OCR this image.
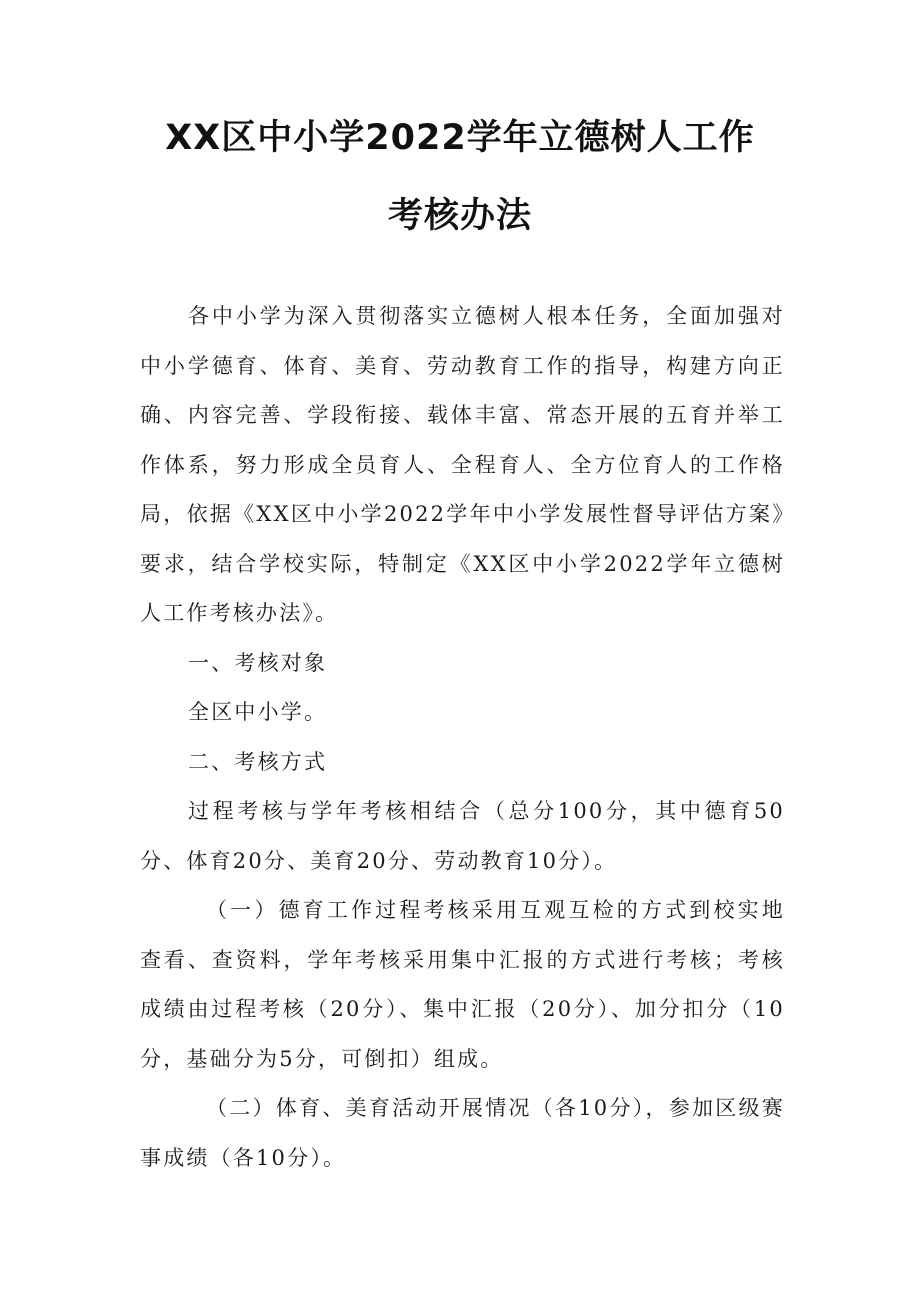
XX区中小学2022学年立德树人工作
考核办法

各中小学为深入贯彻落实立德树人根本任务，全面加强对中小学德育、体育、美育、劳动教育工作的指导，构建方向正确、内容完善、学段衔接、载体丰富、常态开展的五育并举工作体系，努力形成全员育人、全程育人、全方位育人的工作格局，依据《XX区中小学2022学年中小学发展性督导评估方案》要求，结合学校实际，特制定《XX区中小学2022学年立德树人工作考核办法》。

一、考核对象

全区中小学。

二、考核方式

过程考核与学年考核相结合（总分100分，其中德育50分、体育20分、美育20分、劳动教育10分）。

（一）德育工作过程考核采用互观互检的方式到校实地查看、查资料，学年考核采用集中汇报的方式进行考核；考核成绩由过程考核（20分）、集中汇报（20分）、加分扣分（10分，基础分为5分，可倒扣）组成。

（二）体育、美育活动开展情况（各10分），参加区级赛事成绩（各10分）。
